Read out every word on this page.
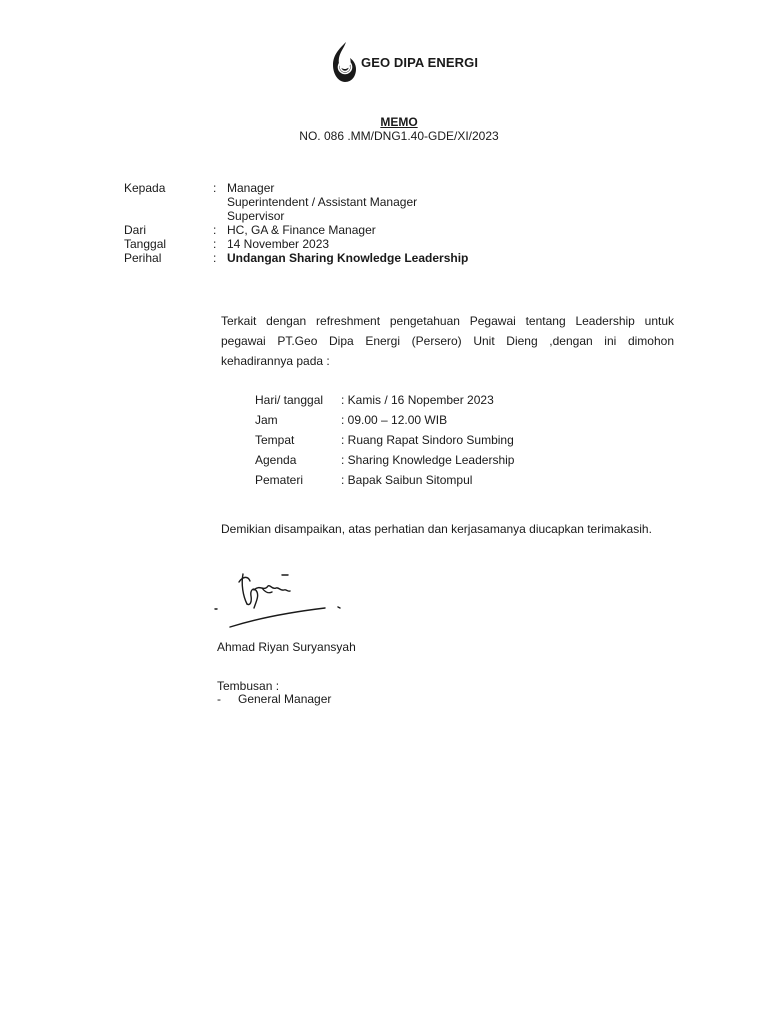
GEO DIPA ENERGI
MEMO
NO. 086 .MM/DNG1.40-GDE/XI/2023
Kepada	: Manager
Superintendent / Assistant Manager
Supervisor
Dari	: HC, GA & Finance Manager
Tanggal	: 14 November 2023
Perihal	: Undangan Sharing Knowledge Leadership
Terkait dengan refreshment pengetahuan Pegawai tentang Leadership untuk pegawai PT.Geo Dipa Energi (Persero) Unit Dieng ,dengan ini dimohon kehadirannya pada :
Hari/ tanggal	: Kamis / 16 Nopember 2023
Jam	: 09.00 – 12.00 WIB
Tempat	: Ruang Rapat Sindoro Sumbing
Agenda	: Sharing Knowledge Leadership
Pemateri	: Bapak Saibun Sitompul
Demikian disampaikan, atas perhatian dan kerjasamanya diucapkan terimakasih.
Ahmad Riyan Suryansyah
Tembusan :
-	General Manager
